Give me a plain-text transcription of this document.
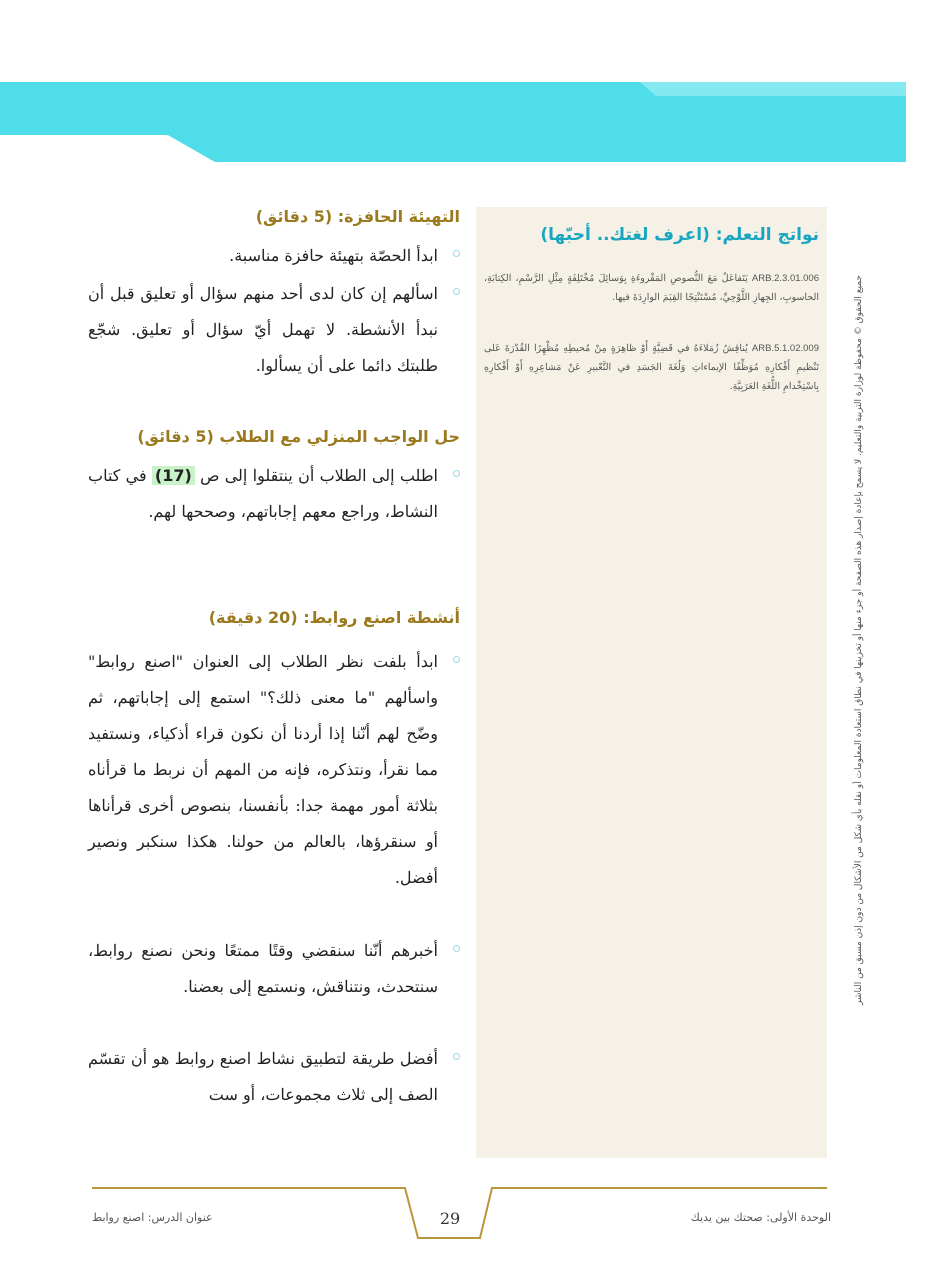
نواتج التعلم: (اعرف لغتك.. أحبّها)
ARB.2.3.01.006 يَتَفاعَلُ مَعَ النُّصوصِ المَقْروءَةِ بِوَسائِلَ مُخْتَلِفَةٍ مِثْلِ الرَّسْمِ، الكِتابَةِ، الحاسوبِ، الجِهازِ اللَّوْحِيِّ، مُسْتَنْتِجًا القِيَمَ الوارِدَةَ فيها.
ARB.5.1.02.009 يُناقِشُ زُمَلاءَهُ في قَضِيَّةٍ أَوْ ظاهِرَةٍ مِنْ مُحيطِهِ مُظْهِرًا القُدْرَةَ عَلى تَنْظيمِ أَفْكارِهِ مُوَظِّفًا الإيماءاتِ وَلُغَةَ الجَسَدِ في التَّعْبيرِ عَنْ مَشاعِرِهِ أَوْ أَفْكارِهِ بِاسْتِخْدامِ اللُّغَةِ العَرَبِيَّةِ.	جميع الحقوق © محفوظة لوزارة التربية والتعليم. لا يسمح بإعادة إصدار هذه الصفحة أو جزء منها أو تخزينها في نطاق استعادة المعلومات أو نقله بأي شكل من الأشكال من دون إذن مسبق من الناشر
التهيئة الحافزة: (5 دقائق)
ابدأ الحصّة بتهيئة حافزة مناسبة.
اسألهم إن كان لدى أحد منهم سؤال أو تعليق قبل أن نبدأ الأنشطة. لا تهمل أيّ سؤال أو تعليق. شجّع طلبتك دائما على أن يسألوا.
حل الواجب المنزلي مع الطلاب (5 دقائق)
اطلب إلى الطلاب أن ينتقلوا إلى ص (17) في كتاب النشاط، وراجع معهم إجاباتهم، وصححها لهم.
أنشطة اصنع روابط: (20 دقيقة)
ابدأ بلفت نظر الطلاب إلى العنوان "اصنع روابط" واسألهم "ما معنى ذلك؟" استمع إلى إجاباتهم، ثم وضّح لهم أنّنا إذا أردنا أن نكون قراء أذكياء، ونستفيد مما نقرأ، ونتذكره، فإنه من المهم أن نربط ما قرأناه بثلاثة أمور مهمة جدا: بأنفسنا، بنصوص أخرى قرأناها أو سنقرؤها، بالعالم من حولنا. هكذا سنكبر ونصير أفضل.
أخبرهم أنّنا سنقضي وقتًا ممتعًا ونحن نصنع روابط، سنتحدث، ونتناقش، ونستمع إلى بعضنا.
أفضل طريقة لتطبيق نشاط اصنع روابط هو أن تقسّم الصف إلى ثلاث مجموعات، أو ست
29	الوحدة الأولى: صحتك بين يديك
عنوان الدرس: اصنع روابط
